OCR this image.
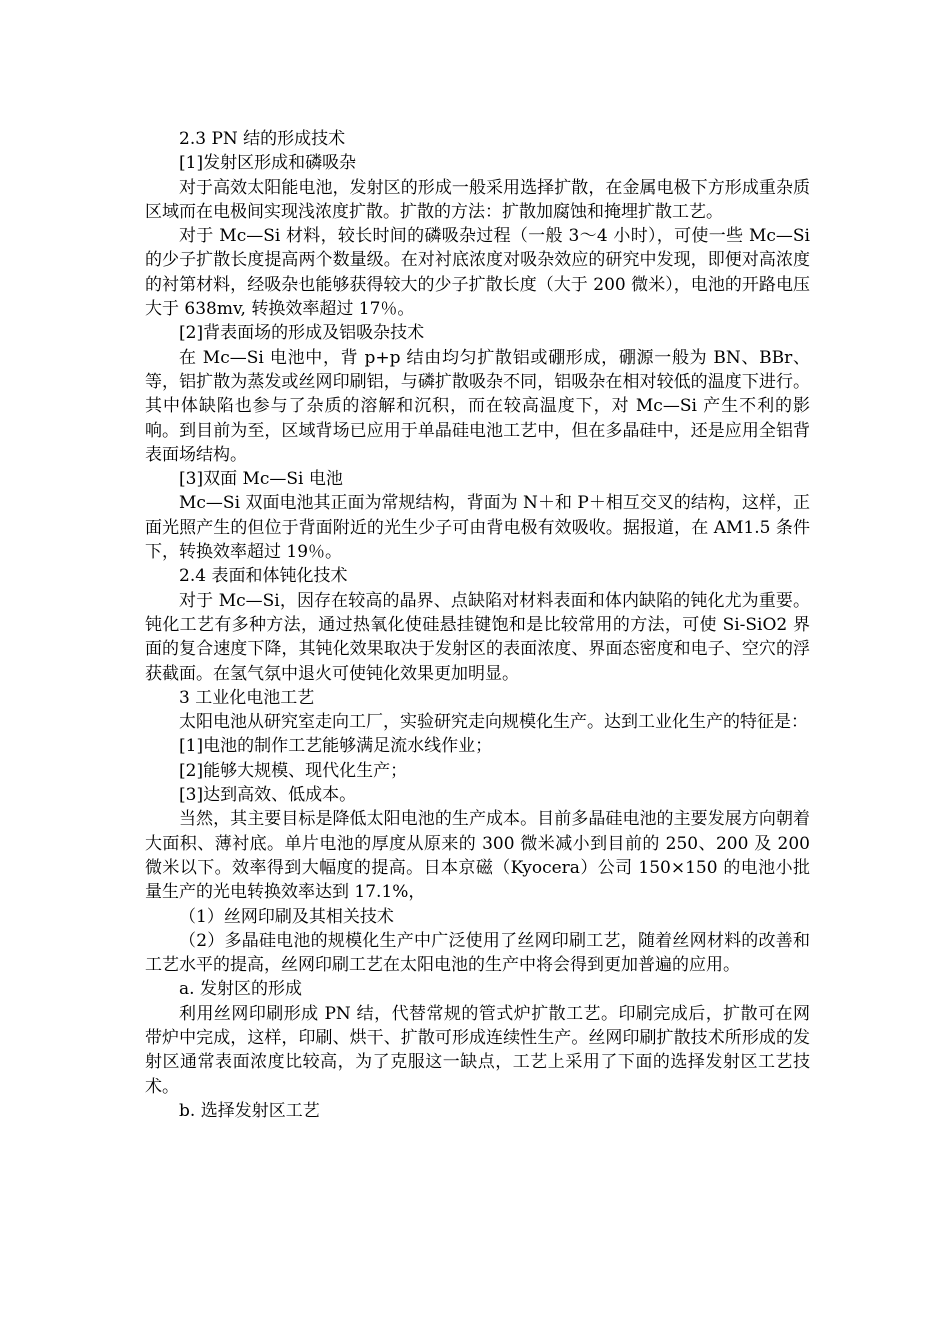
2.3 PN 结的形成技术

[1]发射区形成和磷吸杂

对于高效太阳能电池，发射区的形成一般采用选择扩散，在金属电极下方形成重杂质区域而在电极间实现浅浓度扩散。扩散的方法：扩散加腐蚀和掩埋扩散工艺。

对于 Mc—Si 材料，较长时间的磷吸杂过程（一般 3～4 小时），可使一些 Mc—Si 的少子扩散长度提高两个数量级。在对衬底浓度对吸杂效应的研究中发现，即便对高浓度的衬第材料，经吸杂也能够获得较大的少子扩散长度（大于 200 微米），电池的开路电压大于 638mv, 转换效率超过 17％。

[2]背表面场的形成及铝吸杂技术

在 Mc—Si 电池中，背 p+p 结由均匀扩散铝或硼形成，硼源一般为 BN、BBr、等，铝扩散为蒸发或丝网印刷铝，与磷扩散吸杂不同，铝吸杂在相对较低的温度下进行。其中体缺陷也参与了杂质的溶解和沉积，而在较高温度下，对 Mc—Si 产生不利的影响。到目前为至，区域背场已应用于单晶硅电池工艺中，但在多晶硅中，还是应用全铝背表面场结构。

[3]双面 Mc—Si 电池

Mc—Si 双面电池其正面为常规结构，背面为 N＋和 P＋相互交叉的结构，这样，正面光照产生的但位于背面附近的光生少子可由背电极有效吸收。据报道，在 AM1.5 条件下，转换效率超过 19％。

2.4 表面和体钝化技术

对于 Mc—Si，因存在较高的晶界、点缺陷对材料表面和体内缺陷的钝化尤为重要。钝化工艺有多种方法，通过热氧化使硅悬挂键饱和是比较常用的方法，可使 Si-SiO2 界面的复合速度下降，其钝化效果取决于发射区的表面浓度、界面态密度和电子、空穴的浮获截面。在氢气氛中退火可使钝化效果更加明显。

3 工业化电池工艺

太阳电池从研究室走向工厂，实验研究走向规模化生产。达到工业化生产的特征是：

[1]电池的制作工艺能够满足流水线作业；

[2]能够大规模、现代化生产；

[3]达到高效、低成本。

当然，其主要目标是降低太阳电池的生产成本。目前多晶硅电池的主要发展方向朝着大面积、薄衬底。单片电池的厚度从原来的 300 微米减小到目前的 250、200 及 200 微米以下。效率得到大幅度的提高。日本京磁（Kyocera）公司 150×150 的电池小批量生产的光电转换效率达到 17.1%，

（1）丝网印刷及其相关技术

（2）多晶硅电池的规模化生产中广泛使用了丝网印刷工艺，随着丝网材料的改善和工艺水平的提高，丝网印刷工艺在太阳电池的生产中将会得到更加普遍的应用。

a. 发射区的形成

利用丝网印刷形成 PN 结，代替常规的管式炉扩散工艺。印刷完成后，扩散可在网带炉中完成，这样，印刷、烘干、扩散可形成连续性生产。丝网印刷扩散技术所形成的发射区通常表面浓度比较高，为了克服这一缺点，工艺上采用了下面的选择发射区工艺技术。

b. 选择发射区工艺
